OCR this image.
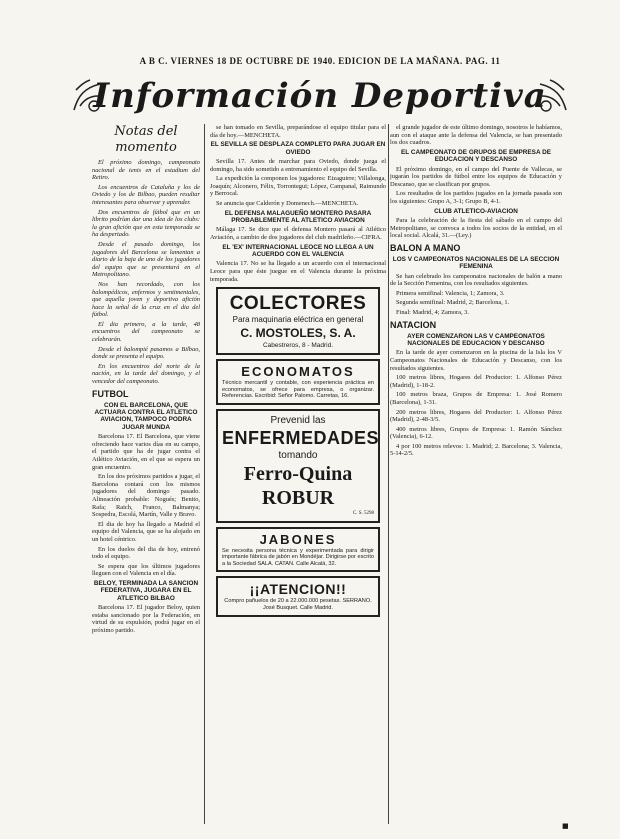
A B C. VIERNES 18 DE OCTUBRE DE 1940. EDICION DE LA MAÑANA. PAG. 11
Información Deportiva
Notas del momento

El próximo domingo, campeonato nacional de tenis en el estadium del Retiro.

Los encuentros de Cataluña y los de Oviedo y los de Bilbao, pueden resultar interesantes para observar y aprender.

Dos encuentros de fútbol que en un librito podrían dar una idea de los clubs: la gran afición que en esta temporada se ha despertado.

Desde el pasado domingo, los jugadores del Barcelona se lamentan a diario de la baja de uno de los jugadores del equipo que se presentará en el Metropolitano.

Nos han recordado, con los balompédicos, enfermos y sentimentales, que aquella joven y deportiva afición hace la señal de la cruz en el dia del fútbol.

El dia primero, a la tarde, 48 encuentros del campeonato se celebrarán.

Desde el balompié pasamos a Bilbao, donde se presenta el equipo.

En los encuentros del norte de la nación, en la tarde del domingo, y el vencedor del campeonato.

FUTBOL
CON EL BARCELONA, QUE ACTUARA CONTRA EL ATLETICO AVIACION, TAMPOCO PODRA JUGAR MUNDA

Barcelona 17. El Barcelona, que viene ofreciendo hace varios días en su campo, el partido que ha de jugar contra el Atlético Aviación, en el que se espera un gran encuentro.

En los dos próximos partidos a jugar, el Barcelona contará con los mismos jugadores del domingo pasado. Alineación probable: Nogués; Benito, Rafa; Raich, Franco, Balmanya; Sospedra, Escolá, Martín, Valle y Bravo.

El dia de hoy ha llegado a Madrid el equipo del Valencia, que se ha alojado en un hotel céntrico.

En los duelos del dia de hoy, entrenó todo el equipo.

Se espera que los últimos jugadores lleguen con el Valencia en el día.

BELOY, TERMINADA LA SANCION FEDERATIVA, JUGARA EN EL ATLETICO BILBAO

Barcelona 17. El jugador Beloy, quien estaba sancionado por la Federación, en virtud de su expulsión, podrá jugar en el próximo partido.

se han tomado en Sevilla, preparándose el equipo titular para el día de hoy.—MENCHETA.

EL SEVILLA SE DESPLAZA COMPLETO PARA JUGAR EN OVIEDO

Sevilla 17. Antes de marchar para Oviedo, donde juega el domingo, ha sido sometido a entrenamiento el equipo del Sevilla.

La expedición la componen los jugadores: Eizaguirre; Villalonga, Joaquín; Alconero, Félix, Torrontegui; López, Campanal, Raimundo y Berrocal.

Se anuncia que Calderón y Domenech.—MENCHETA.

EL DEFENSA MALAGUEÑO MONTERO PASARA PROBABLEMENTE AL ATLETICO AVIACION

Málaga 17. Se dice que el defensa Montero pasará al Atlético Aviación, a cambio de dos jugadores del club madrileño.—CIFRA.

EL 'EX' INTERNACIONAL LEOCE NO LLEGA A UN ACUERDO CON EL VALENCIA

Valencia 17. No se ha llegado a un acuerdo con el internacional Leoce para que éste juegue en el Valencia durante la próxima temporada.

COLECTORES
Para maquinaria eléctrica en general
C. MOSTOLES, S. A.
Cabestreros, 8 - Madrid.
ECONOMATOS
Técnico mercantil y contable, con experiencia práctica en economatos, se ofrece para empresa, o organizar. Referencias. Escribid: Señor Palomo. Carretas, 16.
Prevenid las
ENFERMEDADES
tomando
Ferro-Quina ROBUR
C. S. 5298
JABONES
Se necesita persona técnica y experimentada para dirigir importante fábrica de jabón en Mondéjar. Dirigirse por escrito a la Sociedad SALA. CATAN. Calle Alcalá, 32.
¡¡ATENCION!!
Compro pañuelos de 20 a 22.000.000 pesetas. SERRANO. José Busquet. Calle Madrid.

el grande jugador de este último domingo, nosotros le habíamos, aun con el ataque ante la defensa del Valencia, se han presentado los dos cuadros.

EL CAMPEONATO DE GRUPOS DE EMPRESA DE EDUCACION Y DESCANSO

El próximo domingo, en el campo del Puente de Vallecas, se jugarán los partidos de fútbol entre los equipos de Educación y Descanso, que se clasifican por grupos.

Los resultados de los partidos jugados en la jornada pasada son los siguientes: Grupo A, 3-1; Grupo B, 4-1.

CLUB ATLETICO-AVIACION

Para la celebración de la fiesta del sábado en el campo del Metropolitano, se convoca a todos los socios de la entidad, en el local social. Alcalá, 31.—(Ley.)

BALON A MANO
LOS V CAMPEONATOS NACIONALES DE LA SECCION FEMENINA

Se han celebrado los campeonatos nacionales de balón a mano de la Sección Femenina, con los resultados siguientes.

Primera semifinal: Valencia, 1; Zamora, 3.

Segunda semifinal: Madrid, 2; Barcelona, 1.

Final: Madrid, 4; Zamora, 3.

NATACION
AYER COMENZARON LAS V CAMPEONATOS NACIONALES DE EDUCACION Y DESCANSO

En la tarde de ayer comenzaron en la piscina de la Isla los V Campeonatos Nacionales de Educación y Descanso, con los resultados siguientes.

100 metros libres, Hogares del Productor: 1. Alfonso Pérez (Madrid), 1-18-2.

100 metros braza, Grupos de Empresa: 1. José Romero (Barcelona), 1-31.

200 metros libres, Hogares del Productor: 1. Alfonso Pérez (Madrid), 2-48-3/5.

400 metros libres, Grupos de Empresa: 1. Ramón Sánchez (Valencia), 6-12.

4 por 100 metros relevos: 1. Madrid; 2. Barcelona; 3. Valencia, 5-14-2/5.

■
